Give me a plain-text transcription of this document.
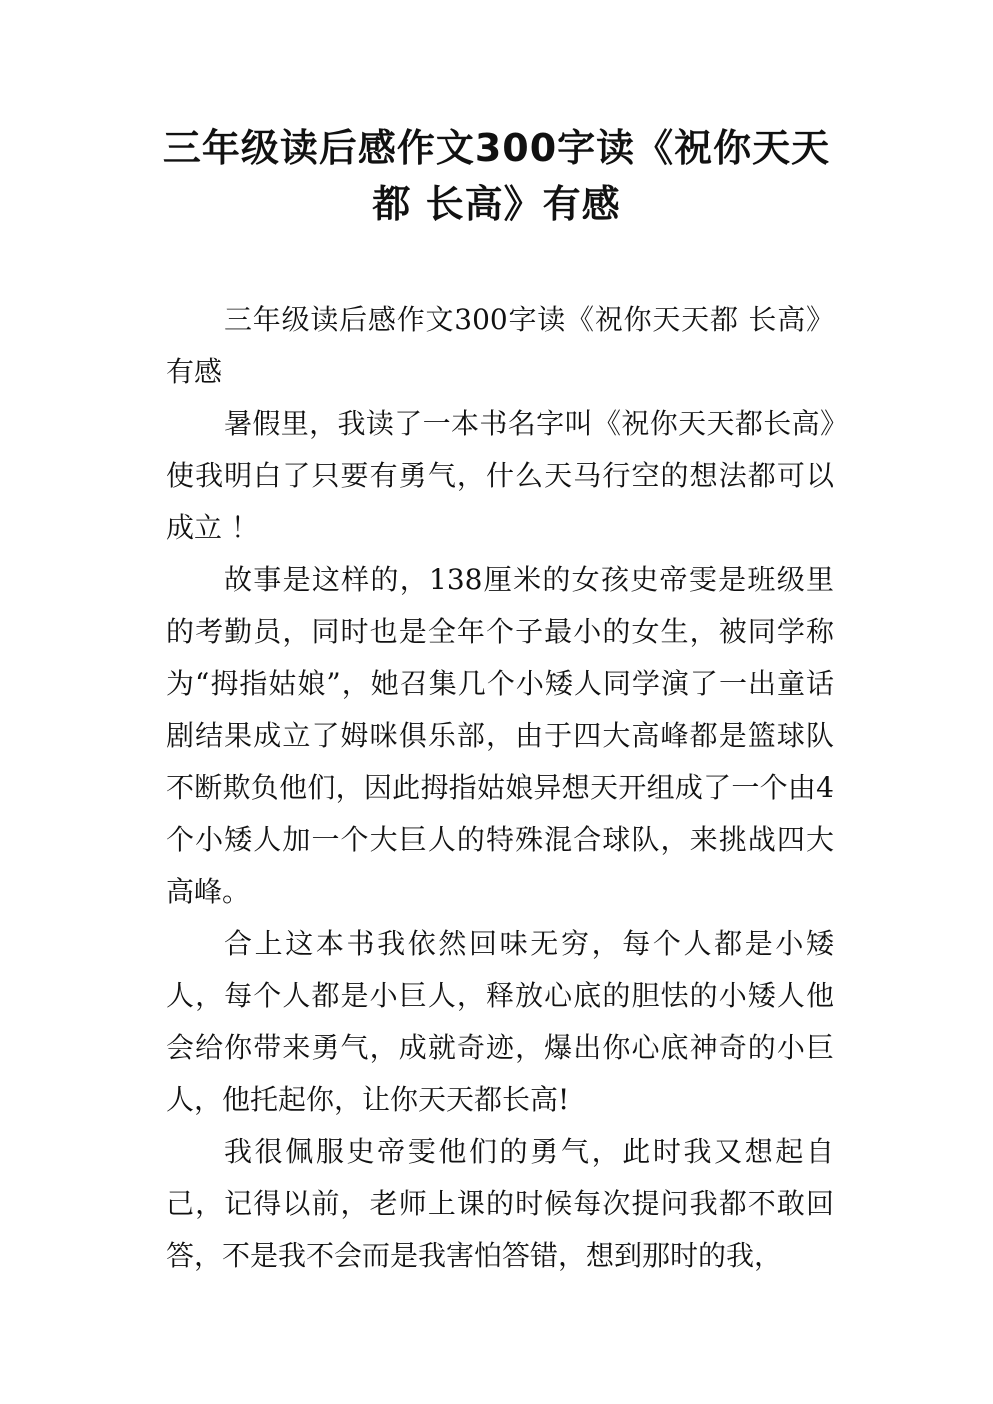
三年级读后感作文300字读《祝你天天都 长高》有感

三年级读后感作文300字读《祝你天天都 长高》有感

暑假里，我读了一本书名字叫《祝你天天都长高》使我明白了只要有勇气，什么天马行空的想法都可以成立 ！

故事是这样的，138厘米的女孩史帝雯是班级里的考勤员，同时也是全年个子最小的女生，被同学称为“拇指姑娘”，她召集几个小矮人同学演了一出童话剧结果成立了姆咪俱乐部，由于四大高峰都是篮球队不断欺负他们，因此拇指姑娘异想天开组成了一个由4个小矮人加一个大巨人的特殊混合球队，来挑战四大高峰。

合上这本书我依然回味无穷，每个人都是小矮人，每个人都是小巨人，释放心底的胆怯的小矮人他会给你带来勇气，成就奇迹，爆出你心底神奇的小巨人，他托起你，让你天天都长高!

我很佩服史帝雯他们的勇气，此时我又想起自己，记得以前，老师上课的时候每次提问我都不敢回答，不是我不会而是我害怕答错，想到那时的我，
